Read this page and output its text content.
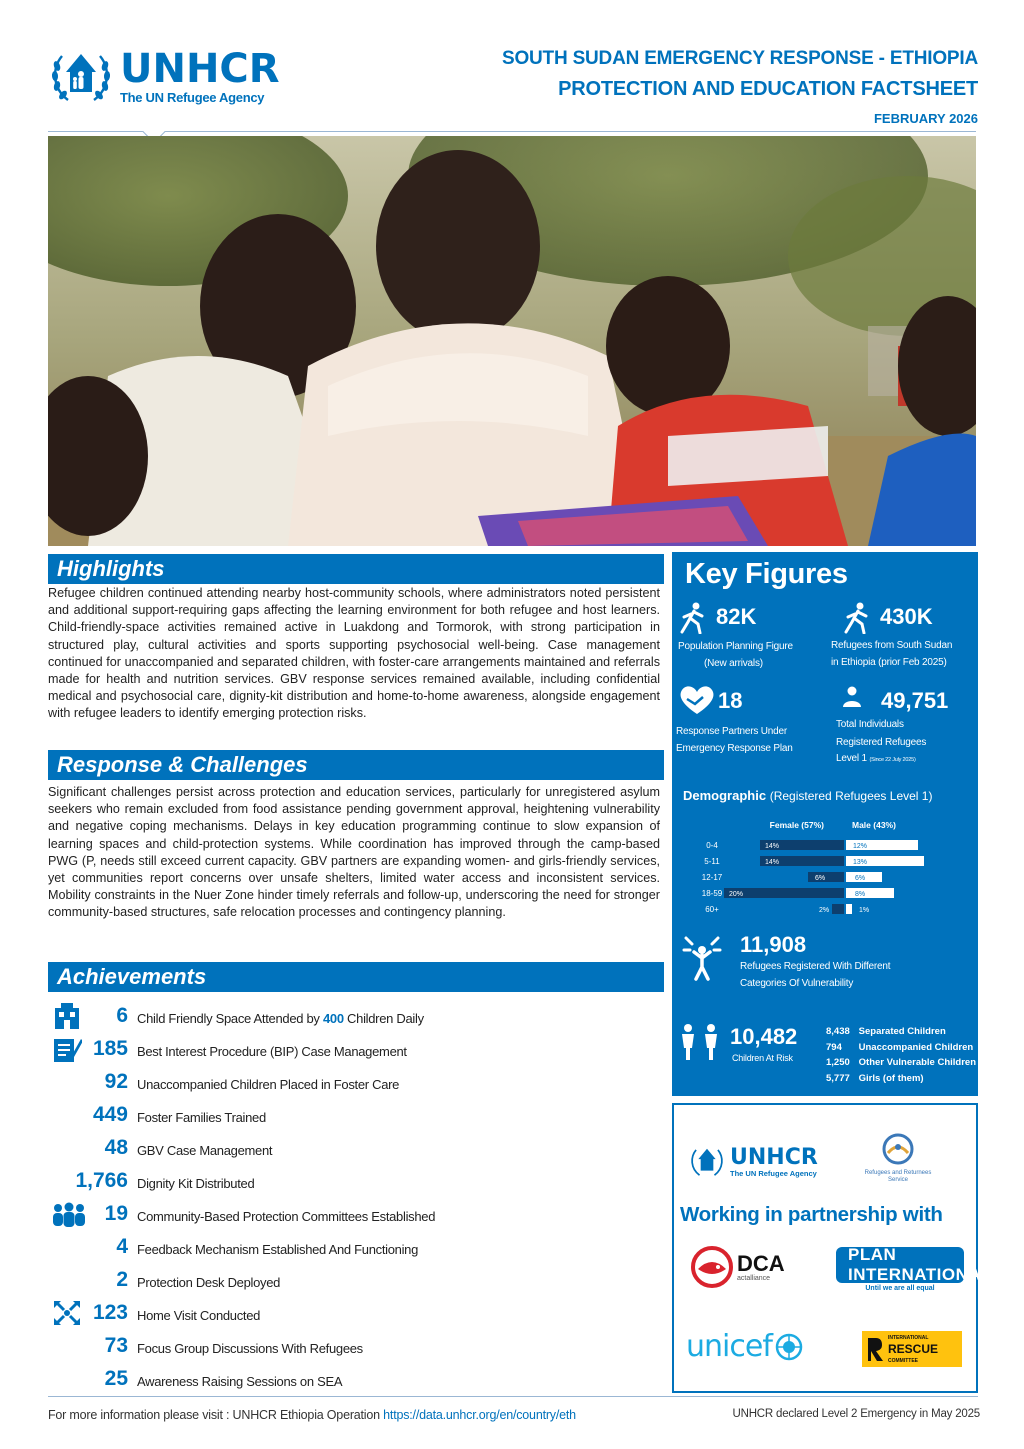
UNHCR
The UN Refugee Agency
SOUTH SUDAN EMERGENCY RESPONSE - ETHIOPIA
PROTECTION AND EDUCATION FACTSHEET
FEBRUARY 2026
Highlights
Refugee children continued attending nearby host-community schools, where administrators noted persistent and additional support-requiring gaps affecting the learning environment for both refugee and host learners. Child-friendly-space activities remained active in Luakdong and Tormorok, with strong participation in structured play, cultural activities and sports supporting psychosocial well-being. Case management continued for unaccompanied and separated children, with foster-care arrangements maintained and referrals made for health and nutrition services. GBV response services remained available, including confidential medical and psychosocial care, dignity-kit distribution and home-to-home awareness, alongside engagement with refugee leaders to identify emerging protection risks.
Response & Challenges
Significant challenges persist across protection and education services, particularly for unregistered asylum seekers who remain excluded from food assistance pending government approval, heightening vulnerability and negative coping mechanisms. Delays in key education programming continue to slow expansion of learning spaces and child-protection systems. While coordination has improved through the camp-based PWG (P, needs still exceed current capacity. GBV partners are expanding women- and girls-friendly services, yet communities report concerns over unsafe shelters, limited water access and inconsistent services. Mobility constraints in the Nuer Zone hinder timely referrals and follow-up, underscoring the need for stronger community-based structures, safe relocation processes and contingency planning.
Achievements
6 Child Friendly Space Attended by 400 Children Daily
185 Best Interest Procedure (BIP) Case Management
92 Unaccompanied Children Placed in Foster Care
449 Foster Families Trained
48 GBV Case Management
1,766 Dignity Kit Distributed
19 Community-Based Protection Committees Established
4 Feedback Mechanism Established And Functioning
2 Protection Desk Deployed
123 Home Visit Conducted
73 Focus Group Discussions With Refugees
25 Awareness Raising Sessions on SEA
Key Figures
82K
Population Planning Figure
(New arrivals)
430K
Refugees from South Sudan
in Ethiopia (prior Feb 2025)
18
Response Partners Under
Emergency Response Plan
49,751
Total Individuals
Registered Refugees
Level 1 (Since 22 July 2025)
Demographic (Registered Refugees Level 1)
Female (57%)	Male (43%)
0-4	14%	12%
5-11	14%	13%
12-17	6%	6%
18-59 20%	8%
60+	2%	1%
11,908
Refugees Registered With Different
Categories Of Vulnerability
10,482
Children At Risk
8,438 Separated Children
794 Unaccompanied Children
1,250 Other Vulnerable Children
5,777 Girls (of them)
UNHCR
The UN Refugee Agency	Refugees and Returnees Service
Working in partnership with
DCA
actalliance
PLAN INTERNATIONAL
Until we are all equal
unicef	INTERNATIONAL
RESCUE
COMMITTEE
For more information please visit : UNHCR Ethiopia Operation https://data.unhcr.org/en/country/eth	UNHCR declared Level 2 Emergency in May 2025
